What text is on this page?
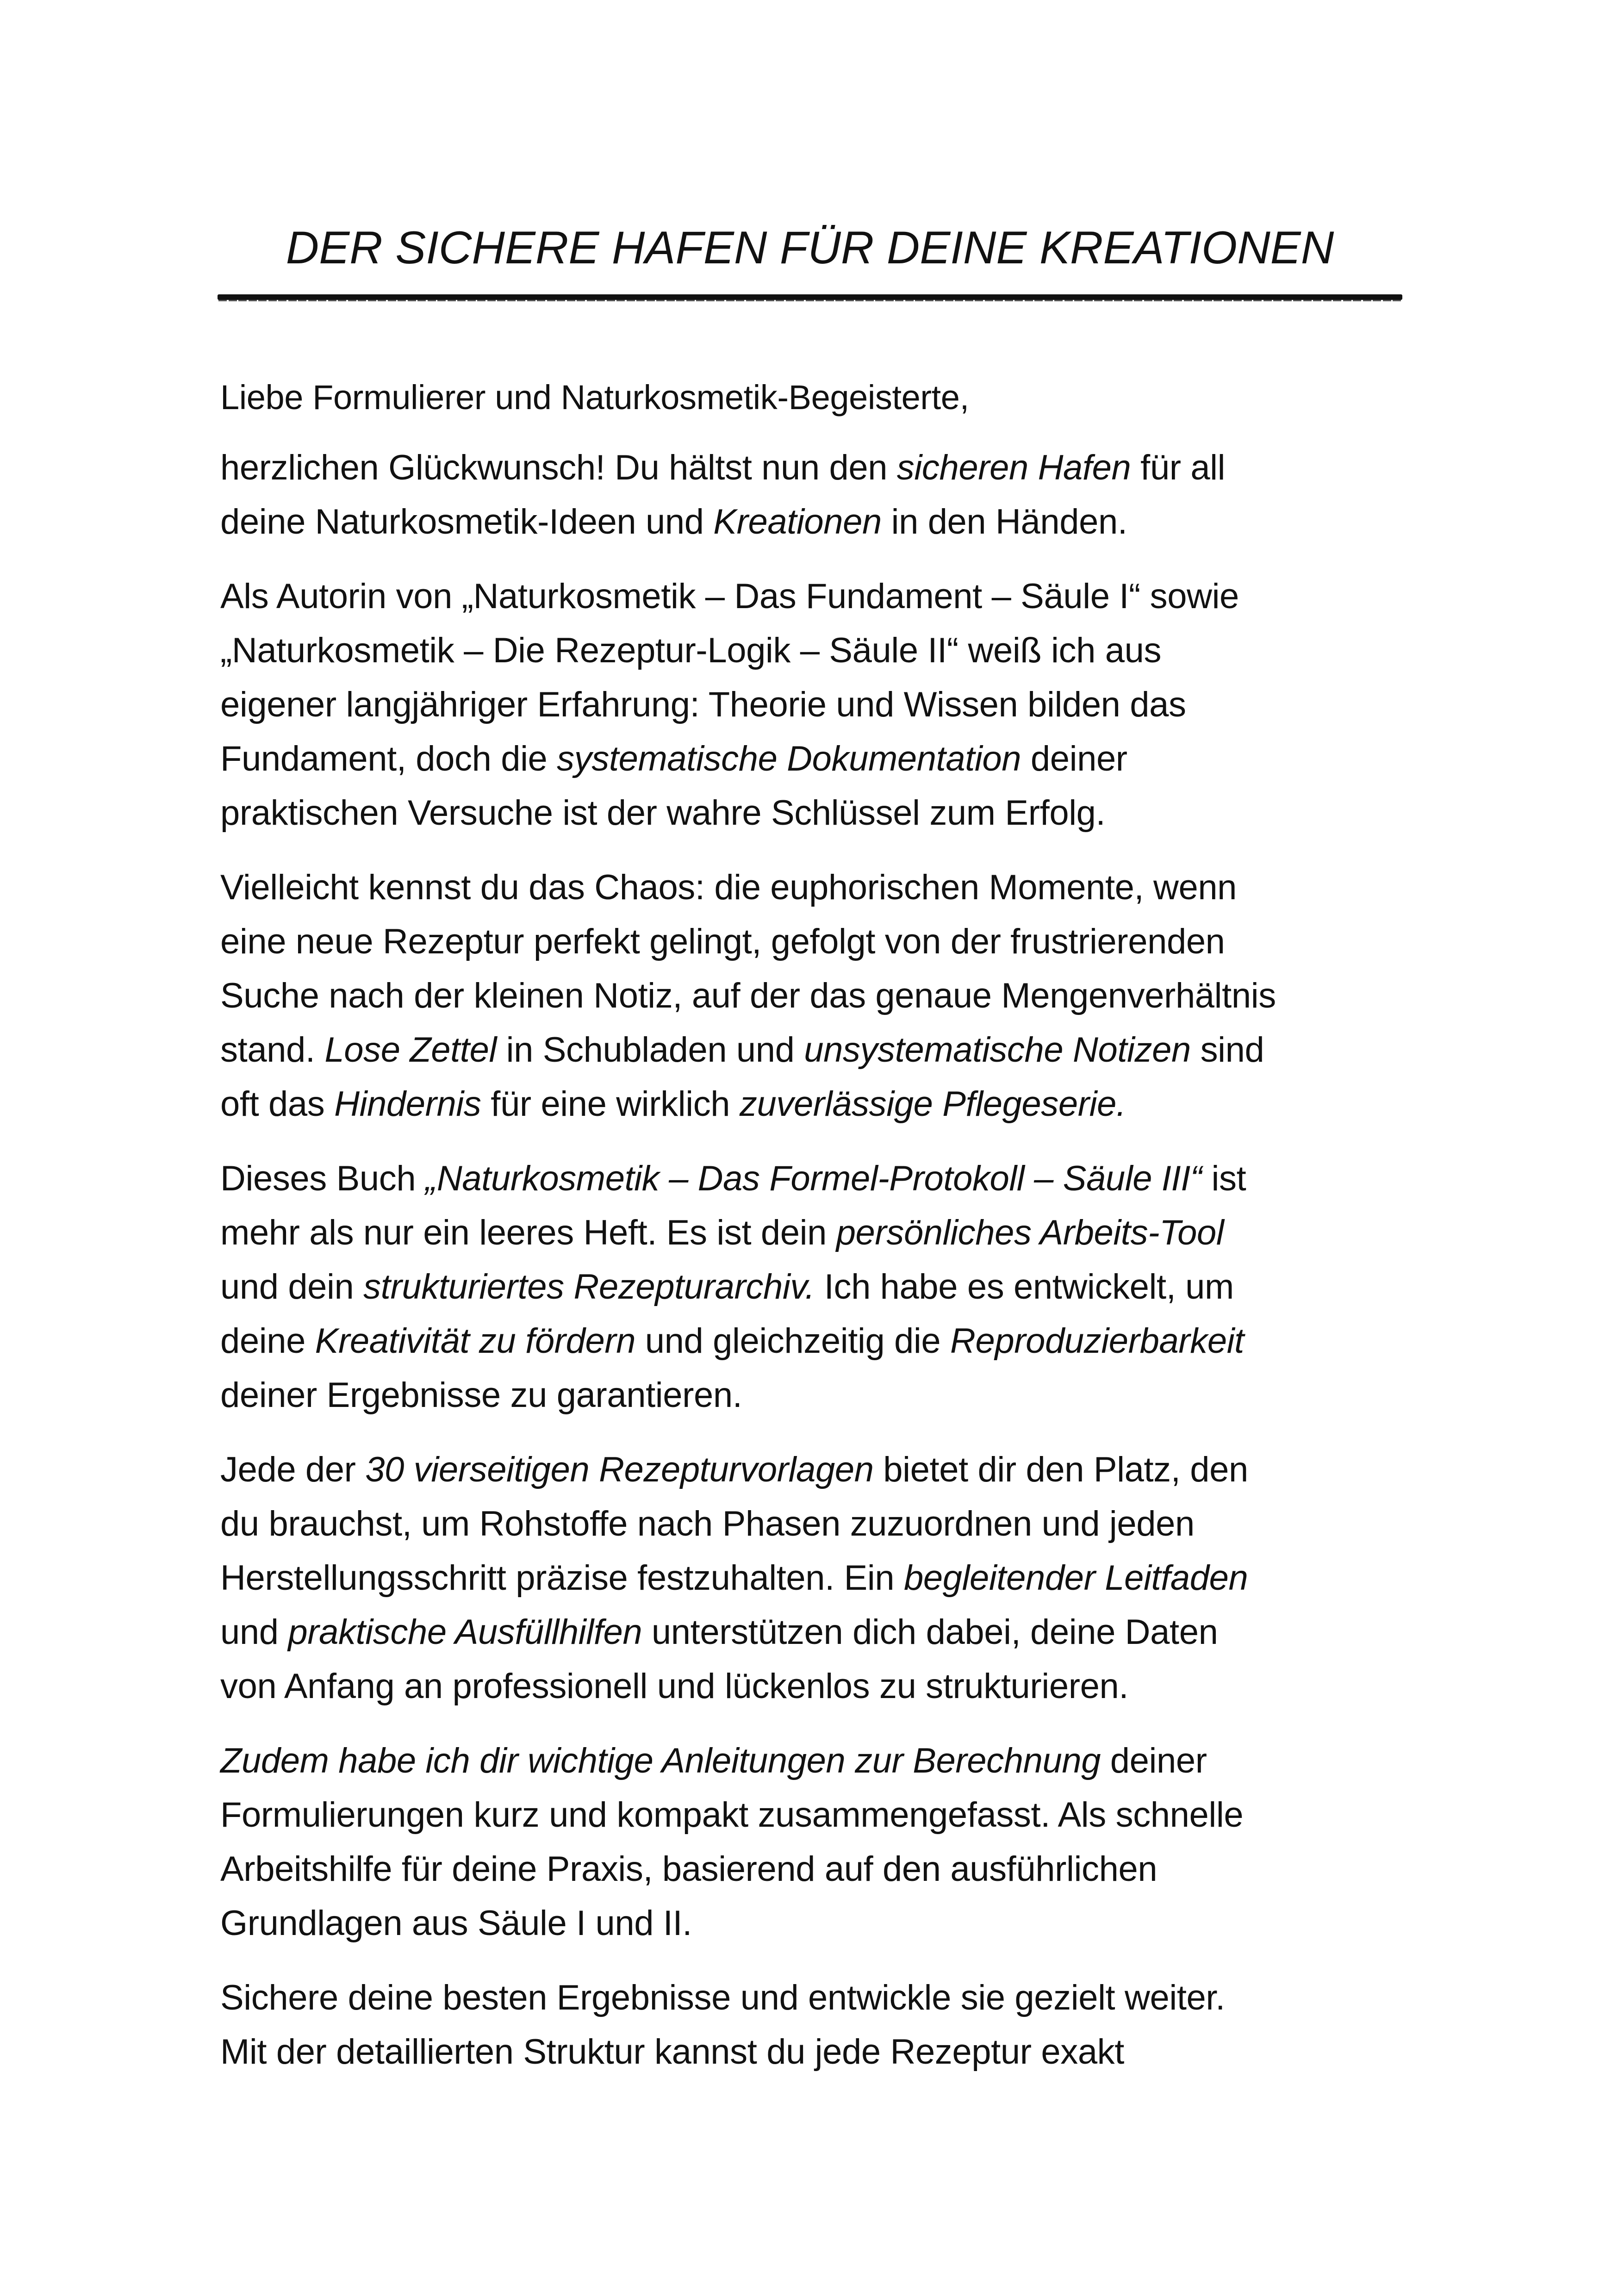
DER SICHERE HAFEN FÜR DEINE KREATIONEN

Liebe Formulierer und Naturkosmetik-Begeisterte,

herzlichen Glückwunsch! Du hältst nun den sicheren Hafen für all
deine Naturkosmetik-Ideen und Kreationen in den Händen.

Als Autorin von „Naturkosmetik – Das Fundament – Säule I“ sowie
„Naturkosmetik – Die Rezeptur-Logik – Säule II“ weiß ich aus
eigener langjähriger Erfahrung: Theorie und Wissen bilden das
Fundament, doch die systematische Dokumentation deiner
praktischen Versuche ist der wahre Schlüssel zum Erfolg.

Vielleicht kennst du das Chaos: die euphorischen Momente, wenn
eine neue Rezeptur perfekt gelingt, gefolgt von der frustrierenden
Suche nach der kleinen Notiz, auf der das genaue Mengenverhältnis
stand. Lose Zettel in Schubladen und unsystematische Notizen sind
oft das Hindernis für eine wirklich zuverlässige Pflegeserie.

Dieses Buch „Naturkosmetik – Das Formel-Protokoll – Säule III“ ist
mehr als nur ein leeres Heft. Es ist dein persönliches Arbeits-Tool
und dein strukturiertes Rezepturarchiv. Ich habe es entwickelt, um
deine Kreativität zu fördern und gleichzeitig die Reproduzierbarkeit
deiner Ergebnisse zu garantieren.

Jede der 30 vierseitigen Rezepturvorlagen bietet dir den Platz, den
du brauchst, um Rohstoffe nach Phasen zuzuordnen und jeden
Herstellungsschritt präzise festzuhalten. Ein begleitender Leitfaden
und praktische Ausfüllhilfen unterstützen dich dabei, deine Daten
von Anfang an professionell und lückenlos zu strukturieren.

Zudem habe ich dir wichtige Anleitungen zur Berechnung deiner
Formulierungen kurz und kompakt zusammengefasst. Als schnelle
Arbeitshilfe für deine Praxis, basierend auf den ausführlichen
Grundlagen aus Säule I und II.

Sichere deine besten Ergebnisse und entwickle sie gezielt weiter.
Mit der detaillierten Struktur kannst du jede Rezeptur exakt
